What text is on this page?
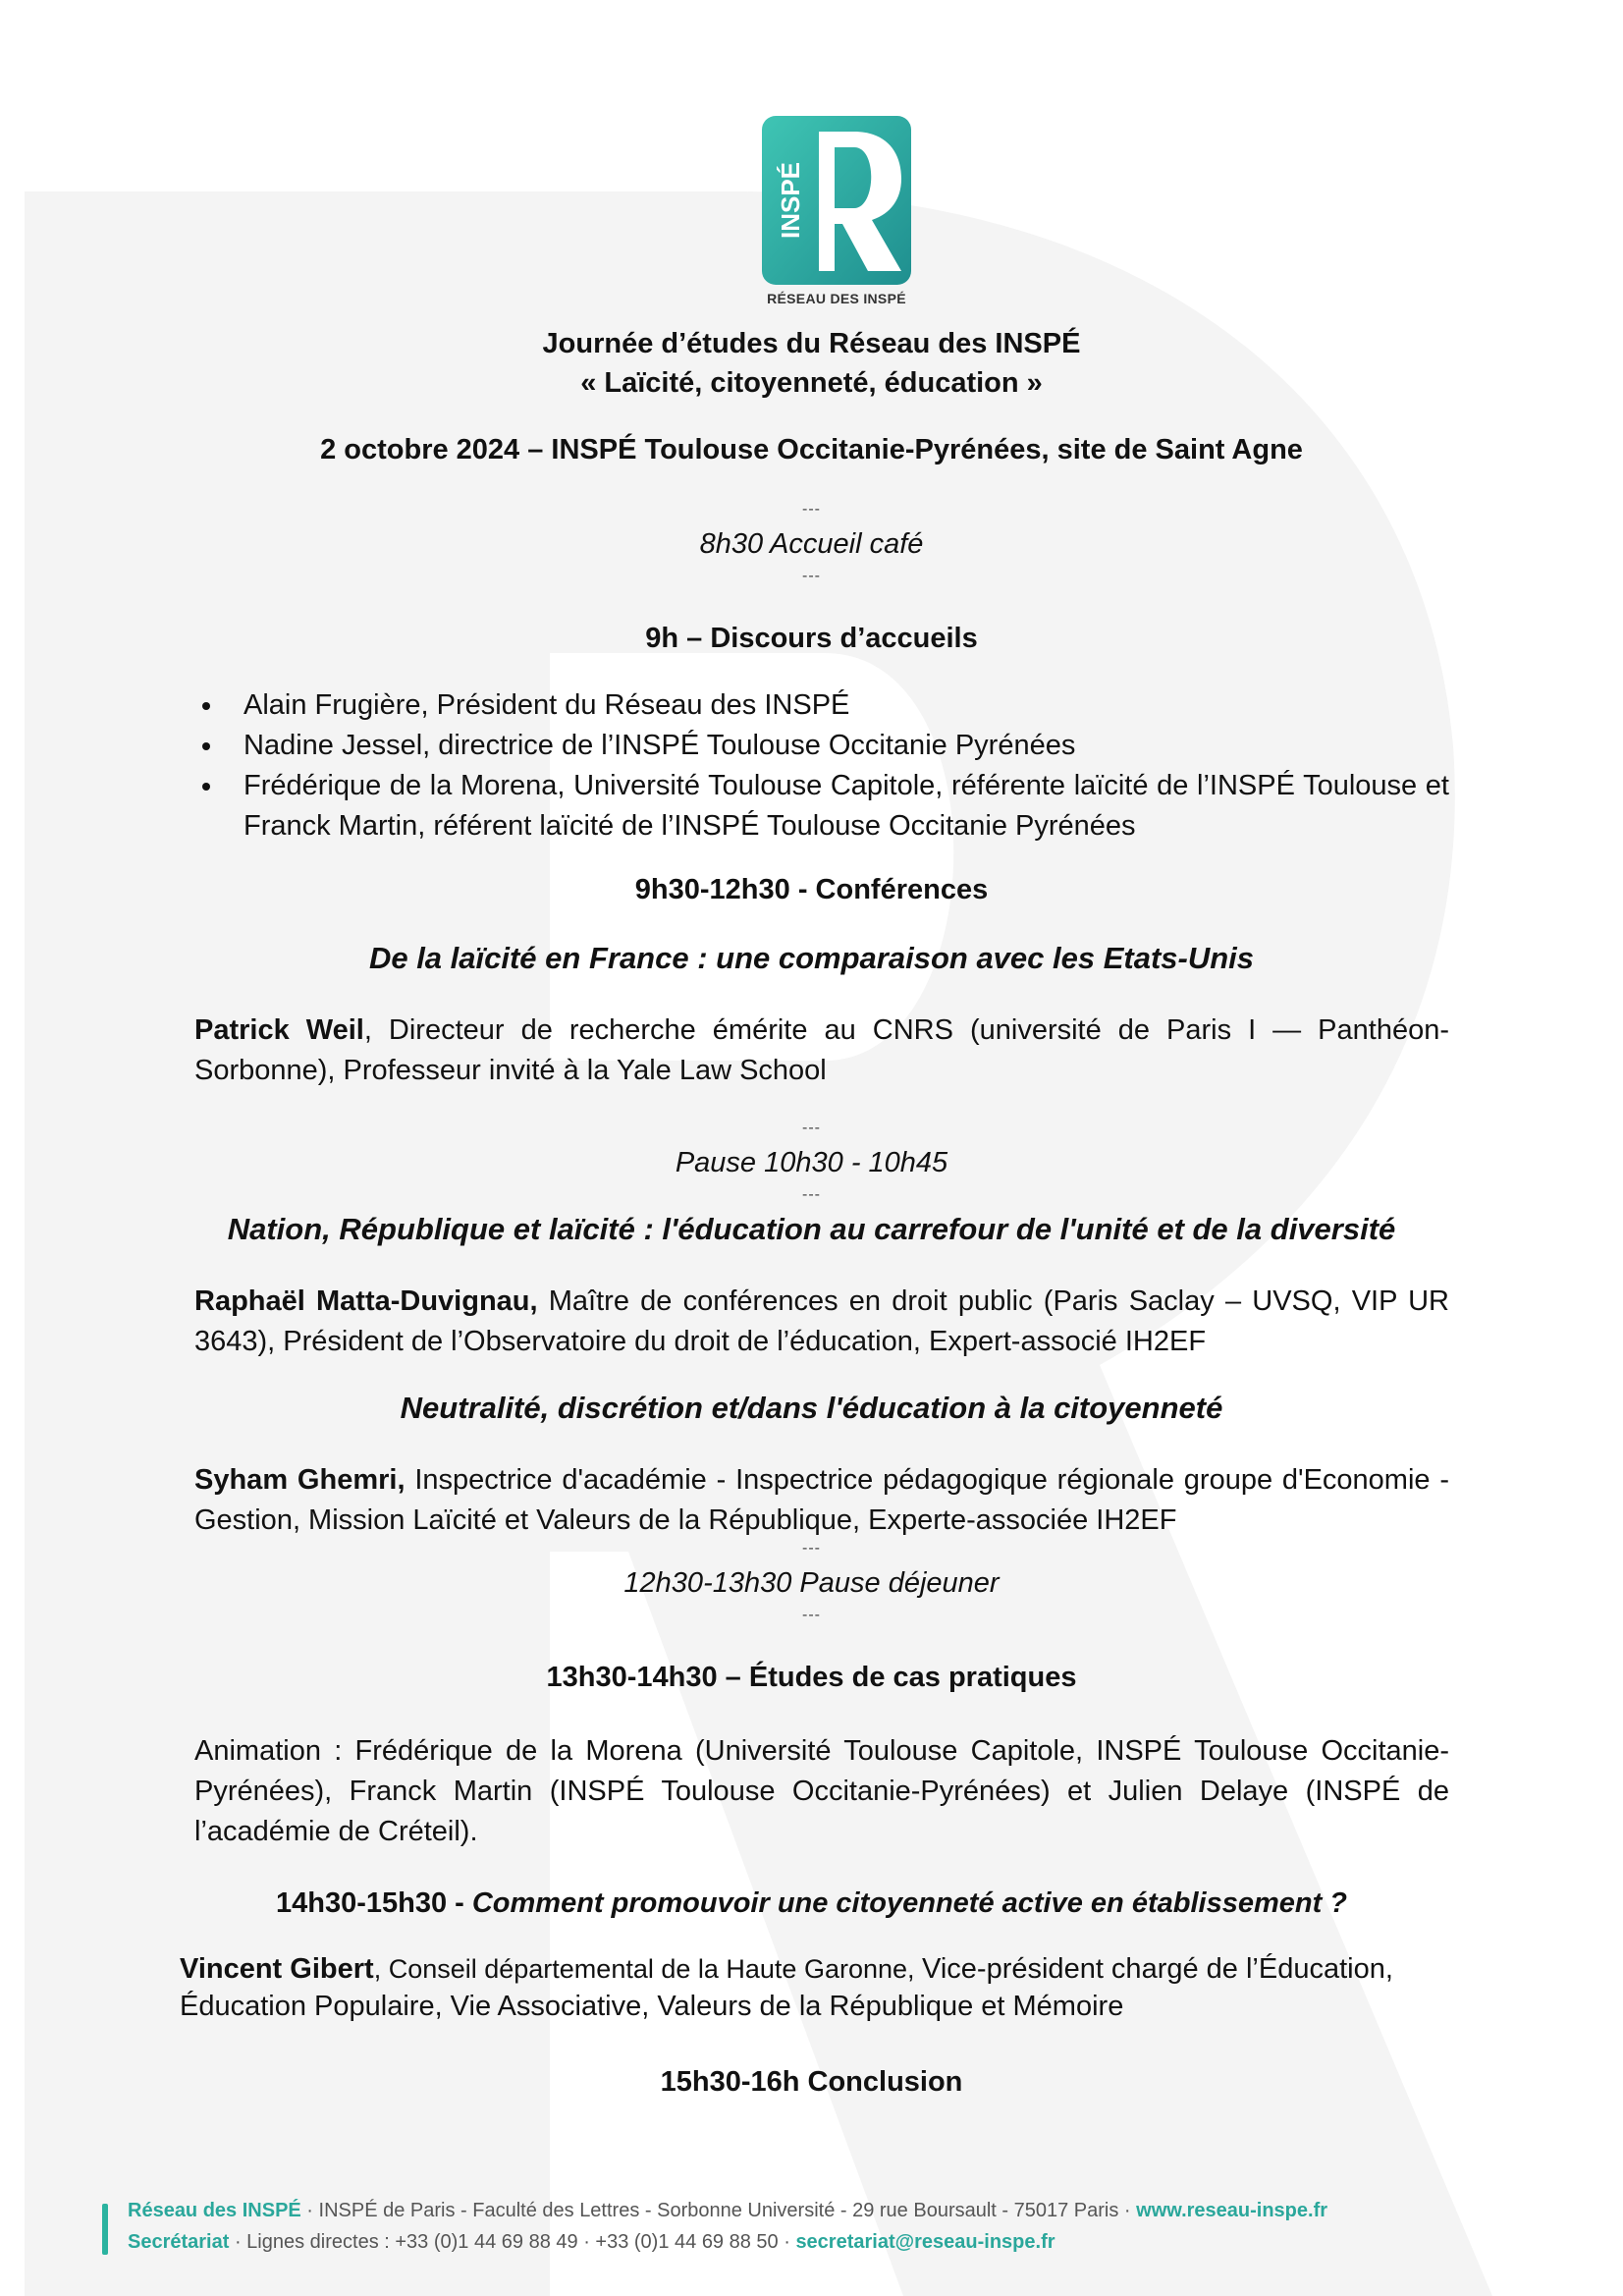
INSPÉ
RÉSEAU DES INSPÉ
Journée d’études du Réseau des INSPÉ
« Laïcité, citoyenneté, éducation »
2 octobre 2024 – INSPÉ Toulouse Occitanie-Pyrénées, site de Saint Agne
---
8h30 Accueil café
---
9h – Discours d’accueils
Alain Frugière, Président du Réseau des INSPÉ
Nadine Jessel, directrice de l’INSPÉ Toulouse Occitanie Pyrénées
Frédérique de la Morena, Université Toulouse Capitole, référente laïcité de l’INSPÉ Toulouse et Franck Martin, référent laïcité de l’INSPÉ Toulouse Occitanie Pyrénées
9h30-12h30 - Conférences
De la laïcité en France : une comparaison avec les Etats-Unis
Patrick Weil, Directeur de recherche émérite au CNRS (université de Paris I — Panthéon-Sorbonne), Professeur invité à la Yale Law School
---
Pause 10h30 - 10h45
---
Nation, République et laïcité : l'éducation au carrefour de l'unité et de la diversité
Raphaël Matta-Duvignau, Maître de conférences en droit public (Paris Saclay – UVSQ, VIP UR 3643), Président de l’Observatoire du droit de l’éducation, Expert-associé IH2EF
Neutralité, discrétion et/dans l'éducation à la citoyenneté
Syham Ghemri, Inspectrice d'académie - Inspectrice pédagogique régionale groupe d'Economie -Gestion, Mission Laïcité et Valeurs de la République, Experte-associée IH2EF
---
12h30-13h30 Pause déjeuner
---
13h30-14h30 – Études de cas pratiques
Animation : Frédérique de la Morena (Université Toulouse Capitole, INSPÉ Toulouse Occitanie-Pyrénées), Franck Martin (INSPÉ Toulouse Occitanie-Pyrénées) et Julien Delaye (INSPÉ de l’académie de Créteil).
14h30-15h30 - Comment promouvoir une citoyenneté active en établissement ?
Vincent Gibert, Conseil départemental de la Haute Garonne, Vice-président chargé de l’Éducation, Éducation Populaire, Vie Associative, Valeurs de la République et Mémoire
15h30-16h Conclusion
Réseau des INSPÉ · INSPÉ de Paris - Faculté des Lettres - Sorbonne Université - 29 rue Boursault - 75017 Paris · www.reseau-inspe.fr
Secrétariat · Lignes directes : +33 (0)1 44 69 88 49 · +33 (0)1 44 69 88 50 · secretariat@reseau-inspe.fr
